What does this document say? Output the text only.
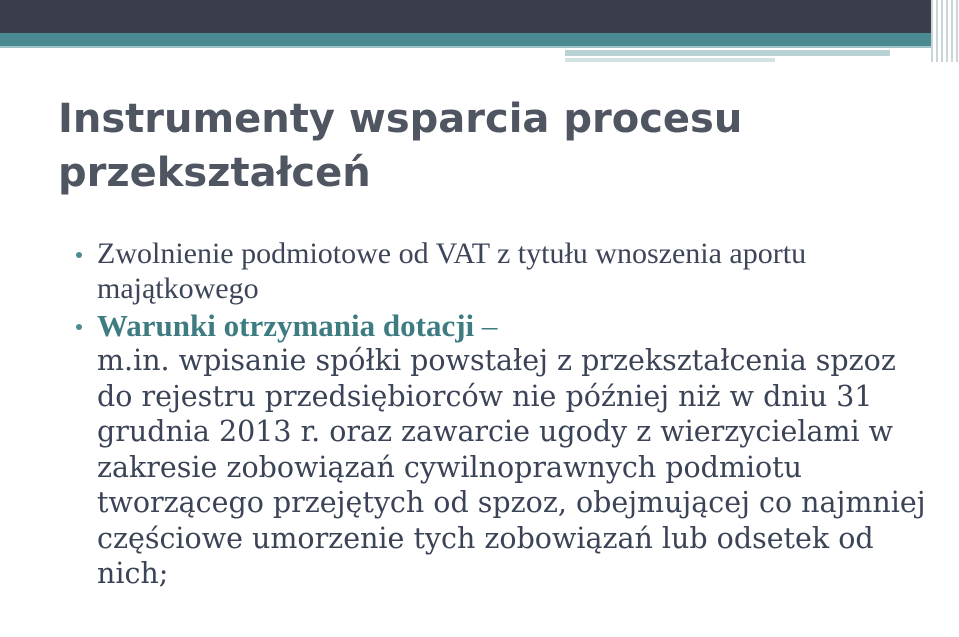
Instrumenty wsparcia procesu przekształceń
Zwolnienie podmiotowe od VAT z tytułu wnoszenia aportu majątkowego
Warunki otrzymania dotacji –
m.in. wpisanie spółki powstałej z przekształcenia spzoz do rejestru przedsiębiorców nie później niż w dniu 31 grudnia 2013 r. oraz zawarcie ugody z wierzycielami w zakresie zobowiązań cywilnoprawnych podmiotu tworzącego przejętych od spzoz, obejmującej co najmniej częściowe umorzenie tych zobowiązań lub odsetek od nich;
